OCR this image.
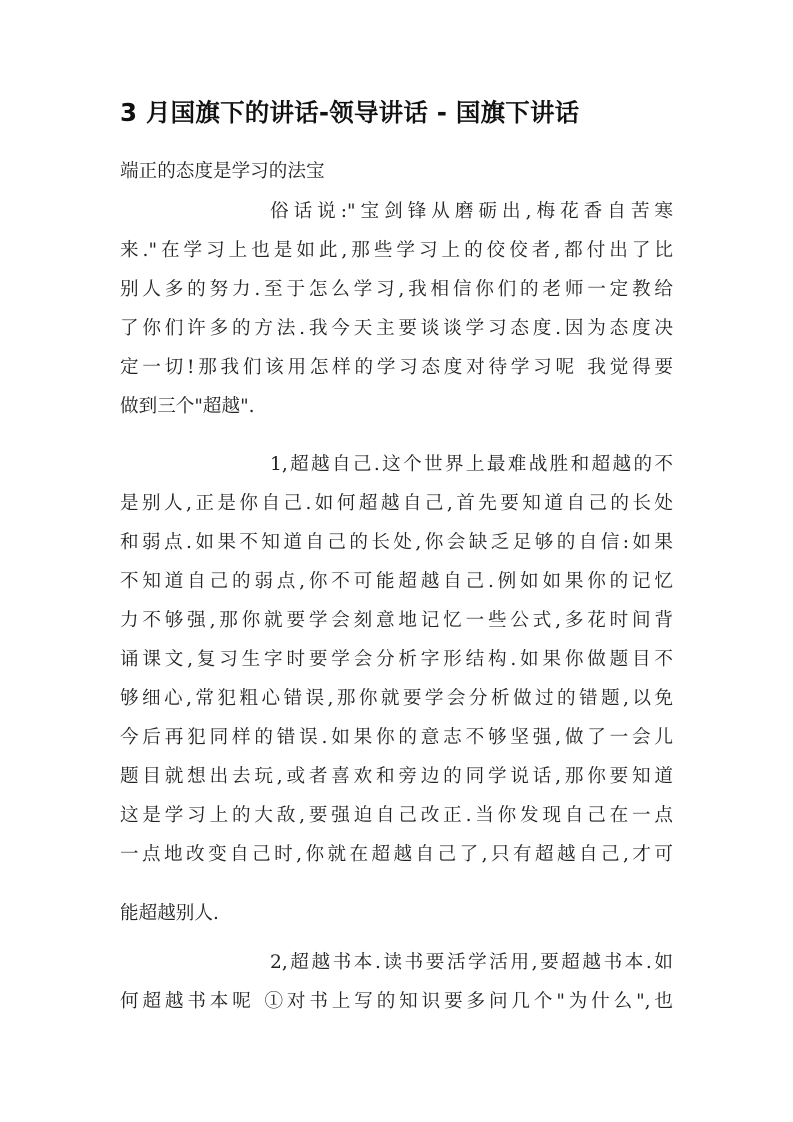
3 月国旗下的讲话-领导讲话 - 国旗下讲话
端正的态度是学习的法宝
俗话说:"宝剑锋从磨砺出,梅花香自苦寒
来."在学习上也是如此,那些学习上的佼佼者,都付出了比
别人多的努力.至于怎么学习,我相信你们的老师一定教给
了你们许多的方法.我今天主要谈谈学习态度.因为态度决
定一切!那我们该用怎样的学习态度对待学习呢 我觉得要
做到三个"超越".
1,超越自己.这个世界上最难战胜和超越的不
是别人,正是你自己.如何超越自己,首先要知道自己的长处
和弱点.如果不知道自己的长处,你会缺乏足够的自信:如果
不知道自己的弱点,你不可能超越自己.例如如果你的记忆
力不够强,那你就要学会刻意地记忆一些公式,多花时间背
诵课文,复习生字时要学会分析字形结构.如果你做题目不
够细心,常犯粗心错误,那你就要学会分析做过的错题,以免
今后再犯同样的错误.如果你的意志不够坚强,做了一会儿
题目就想出去玩,或者喜欢和旁边的同学说话,那你要知道
这是学习上的大敌,要强迫自己改正.当你发现自己在一点
一点地改变自己时,你就在超越自己了,只有超越自己,才可
能超越别人.
2,超越书本.读书要活学活用,要超越书本.如
何超越书本呢 ①对书上写的知识要多问几个"为什么",也
